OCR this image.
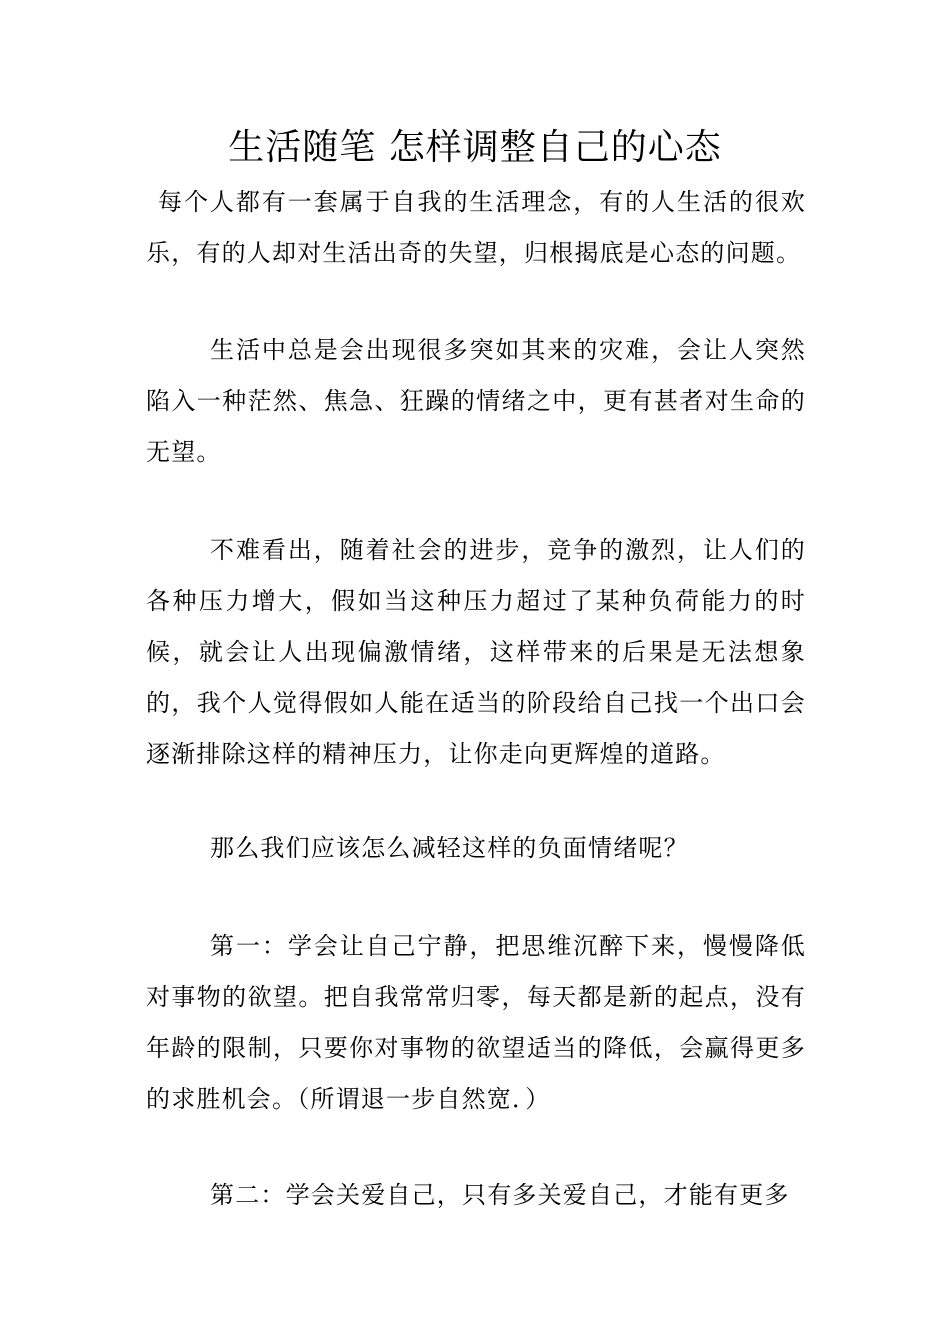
生活随笔 怎样调整自己的心态

每个人都有一套属于自我的生活理念，有的人生活的很欢乐，有的人却对生活出奇的失望，归根揭底是心态的问题。

生活中总是会出现很多突如其来的灾难，会让人突然陷入一种茫然、焦急、狂躁的情绪之中，更有甚者对生命的无望。

不难看出，随着社会的进步，竞争的激烈，让人们的各种压力增大，假如当这种压力超过了某种负荷能力的时候，就会让人出现偏激情绪，这样带来的后果是无法想象的，我个人觉得假如人能在适当的阶段给自己找一个出口会逐渐排除这样的精神压力，让你走向更辉煌的道路。

那么我们应该怎么减轻这样的负面情绪呢？

第一：学会让自己宁静，把思维沉醉下来，慢慢降低对事物的欲望。把自我常常归零，每天都是新的起点，没有年龄的限制，只要你对事物的欲望适当的降低，会赢得更多的求胜机会。（所谓退一步自然宽．）

第二：学会关爱自己，只有多关爱自己，才能有更多
